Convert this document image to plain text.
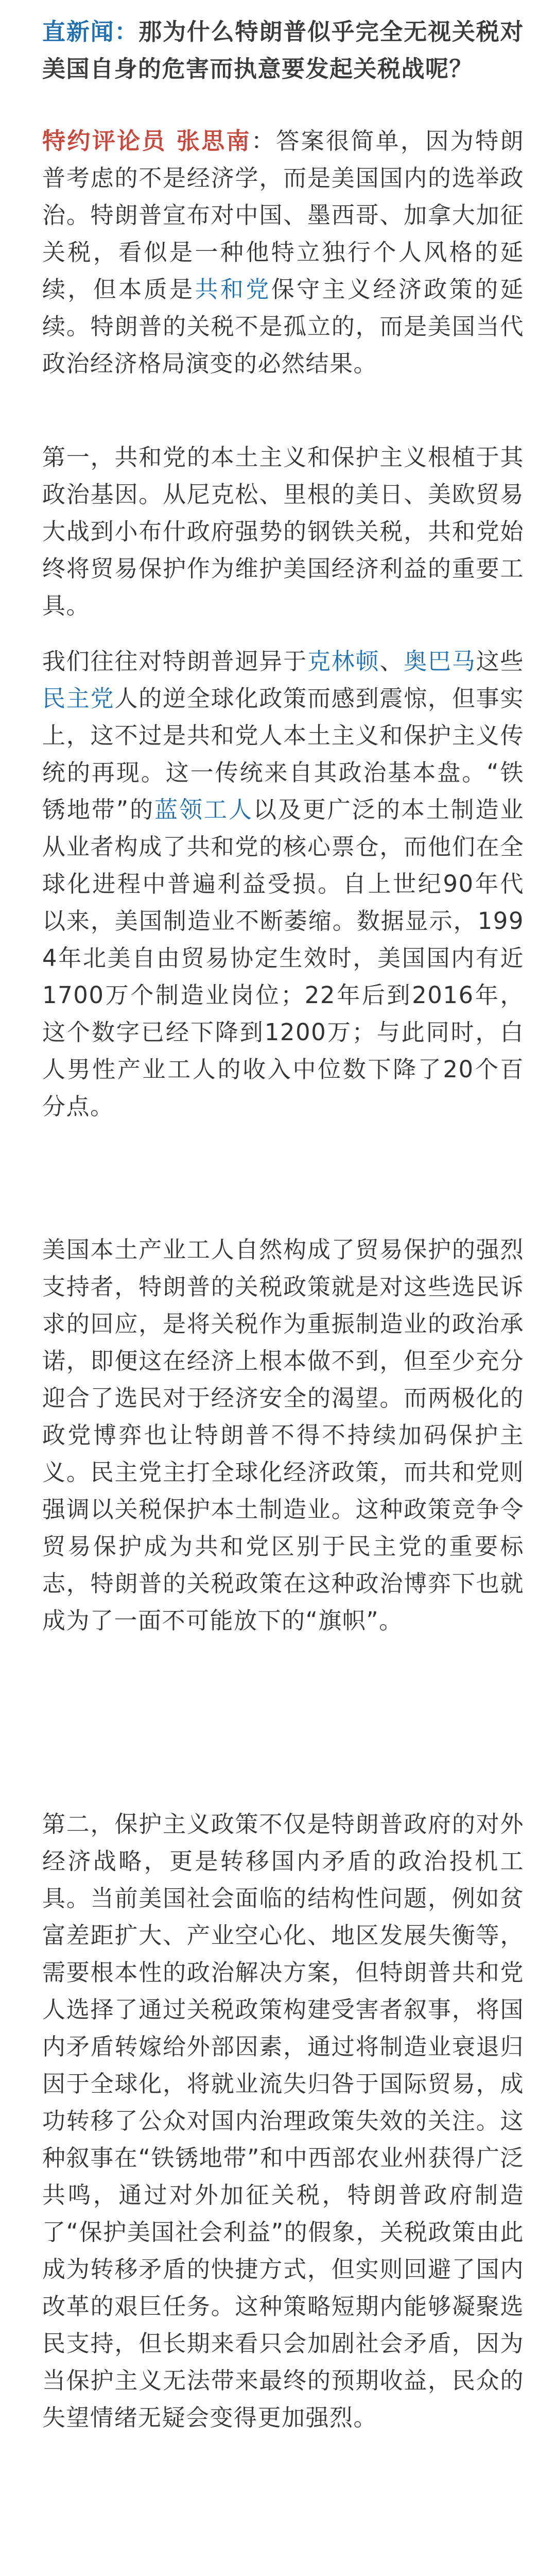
直新闻：那为什么特朗普似乎完全无视关税对美国自身的危害而执意要发起关税战呢？

特约评论员 张思南：答案很简单，因为特朗普考虑的不是经济学，而是美国国内的选举政治。特朗普宣布对中国、墨西哥、加拿大加征关税，看似是一种他特立独行个人风格的延续，但本质是共和党保守主义经济政策的延续。特朗普的关税不是孤立的，而是美国当代政治经济格局演变的必然结果。

第一，共和党的本土主义和保护主义根植于其政治基因。从尼克松、里根的美日、美欧贸易大战到小布什政府强势的钢铁关税，共和党始终将贸易保护作为维护美国经济利益的重要工具。

我们往往对特朗普迥异于克林顿、奥巴马这些民主党人的逆全球化政策而感到震惊，但事实上，这不过是共和党人本土主义和保护主义传统的再现。这一传统来自其政治基本盘。“铁锈地带”的蓝领工人以及更广泛的本土制造业从业者构成了共和党的核心票仓，而他们在全球化进程中普遍利益受损。自上世纪90年代以来，美国制造业不断萎缩。数据显示，1994年北美自由贸易协定生效时，美国国内有近1700万个制造业岗位；22年后到2016年，这个数字已经下降到1200万；与此同时，白人男性产业工人的收入中位数下降了20个百分点。

美国本土产业工人自然构成了贸易保护的强烈支持者，特朗普的关税政策就是对这些选民诉求的回应，是将关税作为重振制造业的政治承诺，即便这在经济上根本做不到，但至少充分迎合了选民对于经济安全的渴望。而两极化的政党博弈也让特朗普不得不持续加码保护主义。民主党主打全球化经济政策，而共和党则强调以关税保护本土制造业。这种政策竞争令贸易保护成为共和党区别于民主党的重要标志，特朗普的关税政策在这种政治博弈下也就成为了一面不可能放下的“旗帜”。

第二，保护主义政策不仅是特朗普政府的对外经济战略，更是转移国内矛盾的政治投机工具。当前美国社会面临的结构性问题，例如贫富差距扩大、产业空心化、地区发展失衡等，需要根本性的政治解决方案，但特朗普共和党人选择了通过关税政策构建受害者叙事，将国内矛盾转嫁给外部因素，通过将制造业衰退归因于全球化，将就业流失归咎于国际贸易，成功转移了公众对国内治理政策失效的关注。这种叙事在“铁锈地带”和中西部农业州获得广泛共鸣，通过对外加征关税，特朗普政府制造了“保护美国社会利益”的假象，关税政策由此成为转移矛盾的快捷方式，但实则回避了国内改革的艰巨任务。这种策略短期内能够凝聚选民支持，但长期来看只会加剧社会矛盾，因为当保护主义无法带来最终的预期收益，民众的失望情绪无疑会变得更加强烈。
